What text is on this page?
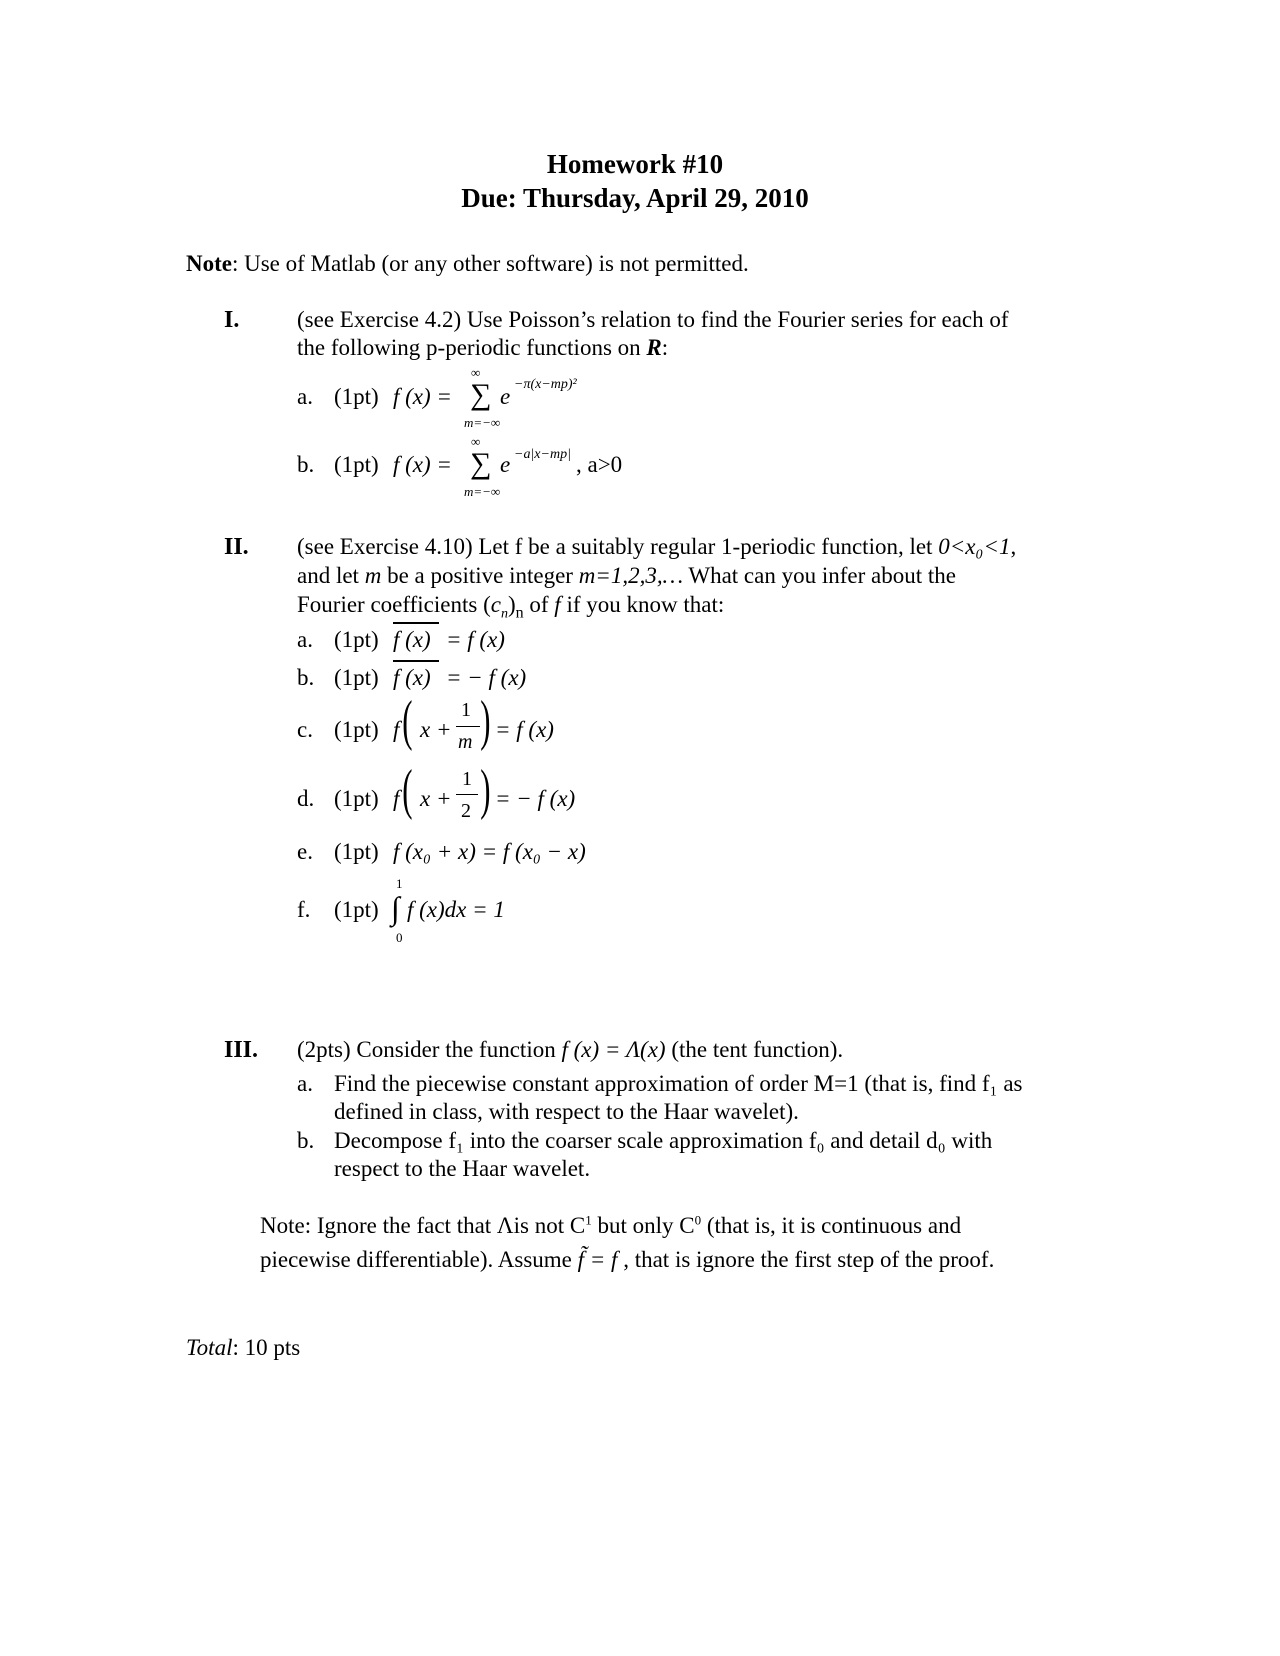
Homework #10
Due: Thursday, April 29, 2010
Note: Use of Matlab (or any other software) is not permitted.
I.	(see Exercise 4.2) Use Poisson’s relation to find the Fourier series for each of
the following p-periodic functions on R:
a. (1pt) f (x) =
∞
∑
m=−∞
e −π(x−mp)²
b. (1pt) f (x) =
∞
∑
m=−∞
e −a|x−mp| , a>0
II. (see Exercise 4.10) Let f be a suitably regular 1-periodic function, let 0<x₀<1,
and let m be a positive integer m=1,2,3,… What can you infer about the
Fourier coefficients $(c_n)_n$ of f if you know that:
a. (1pt) f (x) = f (x)
b. (1pt) f (x) = − f (x)
c. (1pt) f ( x +
1
m ) = f (x)
d. (1pt) f ( x +
1
2 ) = − f (x)
e. (1pt) f (x₀ + x) = f (x₀ − x)
f. (1pt)
1
∫
0
f (x)dx = 1
III. (2pts) Consider the function f (x) = Λ(x) (the tent function).
a. Find the piecewise constant approximation of order M=1 (that is, find f₁ as
defined in class, with respect to the Haar wavelet).
b. Decompose f₁ into the coarser scale approximation f₀ and detail d₀ with
respect to the Haar wavelet.
Note: Ignore the fact that Λis not $C^1$ but only $C^0$ (that is, it is continuous and
piecewise differentiable). Assume f̃ = f , that is ignore the first step of the proof.
Total: 10 pts
